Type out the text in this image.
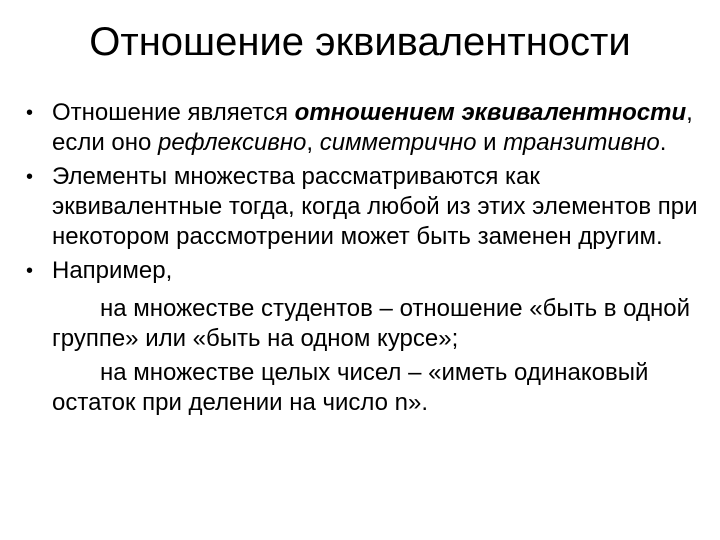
Отношение эквивалентности
• Отношение является отношением эквивалентности, если оно рефлексивно, симметрично и транзитивно.

• Элементы множества рассматриваются как эквивалентные тогда, когда любой из этих элементов при некотором рассмотрении может быть заменен другим.

• Например,

на множестве студентов – отношение «быть в одной группе» или «быть на одном курсе»;

на множестве целых чисел – «иметь одинаковый остаток при делении на число n».
